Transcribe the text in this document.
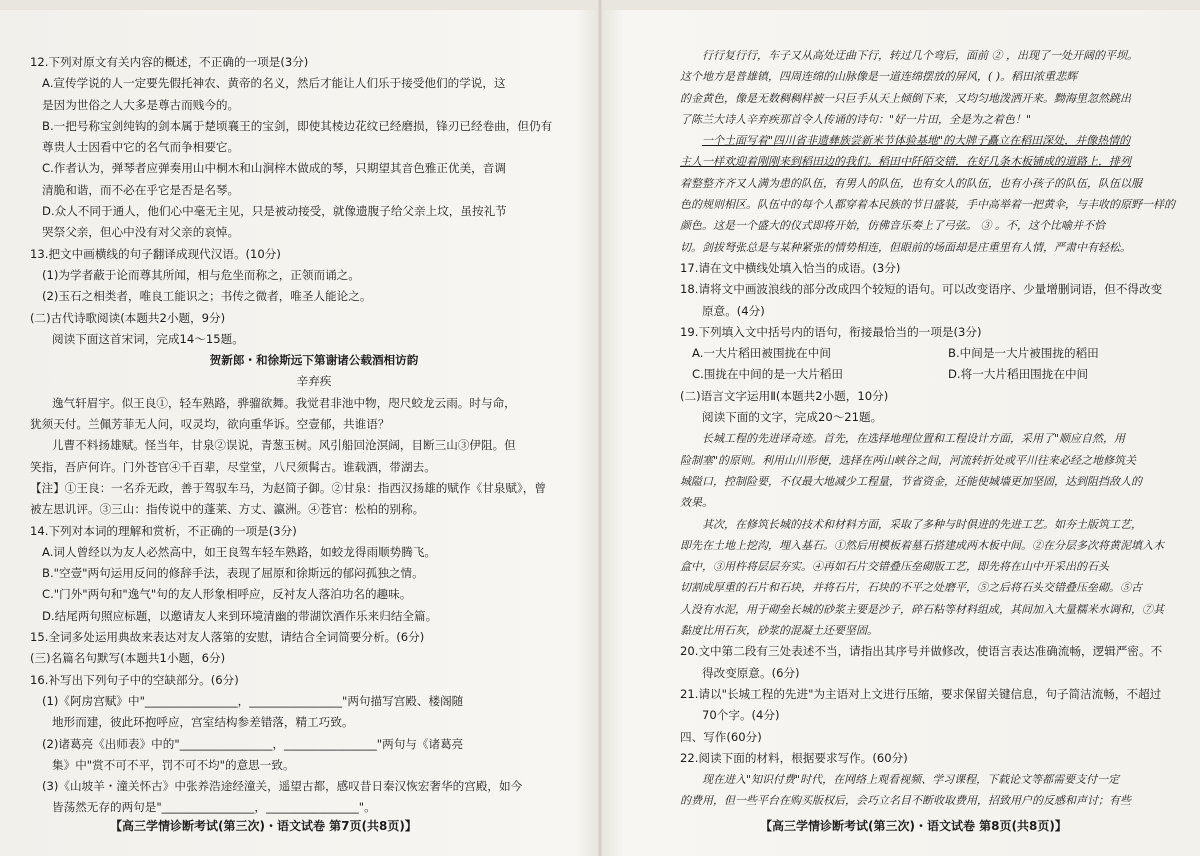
12.下列对原文有关内容的概述，不正确的一项是(3分)
A.宣传学说的人一定要先假托神农、黄帝的名义，然后才能让人们乐于接受他们的学说，这
是因为世俗之人大多是尊古而贱今的。
B.一把号称宝剑纯钩的剑本属于楚顷襄王的宝剑，即使其棱边花纹已经磨损，锋刃已经卷曲，但仍有
尊贵人士因看中它的名气而争相要它。
C.作者认为，弹琴者应弹奏用山中桐木和山涧梓木做成的琴，只期望其音色雅正优美，音调
清脆和谐，而不必在乎它是否是名琴。
D.众人不同于通人，他们心中毫无主见，只是被动接受，就像遗腹子给父亲上坟，虽按礼节
哭祭父亲，但心中没有对父亲的哀悼。
13.把文中画横线的句子翻译成现代汉语。(10分)
(1)为学者蔽于论而尊其所闻，相与危坐而称之，正领而诵之。
(2)玉石之相类者，唯良工能识之；书传之微者，唯圣人能论之。
(二)古代诗歌阅读(本题共2小题，9分)
阅读下面这首宋词，完成14～15题。
贺新郎・和徐斯远下第谢诸公载酒相访韵
辛弃疾
逸气轩眉宇。似王良①，轻车熟路，骅骝欲舞。我觉君非池中物，咫尺蛟龙云雨。时与命，
犹须天付。兰佩芳菲无人问，叹灵均，欲向重华诉。空壹郁，共谁语？
儿曹不料扬雄赋。怪当年，甘泉②误说，青葱玉树。风引船回沧溟阔，目断三山③伊阻。但
笑指，吾庐何许。门外苍官④千百辈，尽堂堂，八尺须髯古。谁载酒，带湖去。
【注】①王良：一名乔无政，善于驾驭车马，为赵简子御。②甘泉：指西汉扬雄的赋作《甘泉赋》，曾
被左思讥评。③三山：指传说中的蓬莱、方丈、瀛洲。④苍官：松柏的别称。
14.下列对本词的理解和赏析，不正确的一项是(3分)
A.词人曾经以为友人必然高中，如王良驾车轻车熟路，如蛟龙得雨顺势腾飞。
B."空壹"两句运用反问的修辞手法，表现了屈原和徐斯远的郁闷孤独之情。
C."门外"两句和"逸气"句的友人形象相呼应，反衬友人落泊功名的趣味。
D.结尾两句照应标题，以邀请友人来到环境清幽的带湖饮酒作乐来归结全篇。
15.全词多处运用典故来表达对友人落第的安慰，请结合全词简要分析。(6分)
(三)名篇名句默写(本题共1小题，6分)
16.补写出下列句子中的空缺部分。(6分)
(1)《阿房宫赋》中"________________，________________"两句描写宫殿、楼阁随
地形而建，彼此环抱呼应，宫室结构参差错落，精工巧致。
(2)诸葛亮《出师表》中的"________________，________________"两句与《诸葛亮
集》中"赏不可不平，罚不可不均"的意思一致。
(3)《山坡羊・潼关怀古》中张养浩途经潼关，遥望古都，感叹昔日秦汉恢宏奢华的宫殿，如今
皆荡然无存的两句是"________________，________________"。
行行复行行，车子又从高处迂曲下行，转过几个弯后，面前 ② ，出现了一处开阔的平坝。
这个地方是普雄镇，四周连绵的山脉像是一道连绵摆放的屏风，( )。稻田浓重悲辉
的金黄色，像是无数稠稠样被一只巨手从天上倾倒下来，又均匀地泼洒开来。黝海里忽然跳出
了陈兰大诗人辛弃疾那首令人传诵的诗句："好一片田，全是为之着色！"
一个土面写着"四川省非遗彝族尝新米节体验基地"的大牌子矗立在稻田深处，并像热情的
主人一样欢迎着刚刚来到稻田边的我们。稻田中阡陌交错，在好几条木板铺成的道路上，排列
着整整齐齐又人满为患的队伍，有男人的队伍，也有女人的队伍，也有小孩子的队伍，队伍以服
色的规则相区。队伍中的每个人都穿着本民族的节日盛装，手中高举着一把黄伞，与丰收的原野一样的
颜色。这是一个盛大的仪式即将开始，仿佛音乐奏上了弓弦。 ③ 。不，这个比喻并不恰
切。剑拔弩张总是与某种紧张的情势相连，但眼前的场面却是庄重里有人情，严肃中有轻松。
17.请在文中横线处填入恰当的成语。(3分)
18.请将文中画波浪线的部分改成四个较短的语句。可以改变语序、少量增删词语，但不得改变
原意。(4分)
19.下列填入文中括号内的语句，衔接最恰当的一项是(3分)
A.一大片稻田被围拢在中间	B.中间是一大片被围拢的稻田
C.围拢在中间的是一大片稻田	D.将一大片稻田围拢在中间
(二)语言文字运用Ⅱ(本题共2小题，10分)
阅读下面的文字，完成20～21题。
长城工程的先进译奇迹。首先，在选择地理位置和工程设计方面，采用了"顺应自然，用
险制塞"的原则。利用山川形便，选择在两山峡谷之间，河流转折处或平川往来必经之地修筑关
城隘口，控制险要，不仅最大地减少工程量，节省资金，还能使城墙更加坚固，达到阻挡敌人的
效果。
其次，在修筑长城的技术和材料方面，采取了多种与时俱进的先进工艺。如夯土版筑工艺，
即先在土地上挖沟，埋入基石。①然后用模板着墓石搭建成两木板中间。②在分层多次将黄泥填入木
盒中，③用杵将层层夯实。④再如石片交错叠压垒砌版工艺，即先将在山中开采出的石头
切割成厚重的石片和石块，并将石片，石块的不平之处磨平，⑤之后将石头交错叠压垒砌。⑤古
人没有水泥，用于砌垒长城的砂浆主要是沙子，碎石粘等材料组成，其间加入大量糯米水调和，⑦其
黏度比用石灰，砂浆的混凝土还要坚固。
20.文中第二段有三处表述不当，请指出其序号并做修改，使语言表达准确流畅，逻辑严密。不
得改变原意。(6分)
21.请以"长城工程的先进"为主语对上文进行压缩，要求保留关键信息，句子简洁流畅，不超过
70个字。(4分)
四、写作(60分)
22.阅读下面的材料，根据要求写作。(60分)
现在进入"知识付费"时代，在网络上观看视频、学习课程，下载论文等都需要支付一定
的费用，但一些平台在购买版权后，会巧立名目不断收取费用，招致用户的反感和声讨；有些
【高三学情诊断考试(第三次)・语文试卷 第7页(共8页)】	【高三学情诊断考试(第三次)・语文试卷 第8页(共8页)】
